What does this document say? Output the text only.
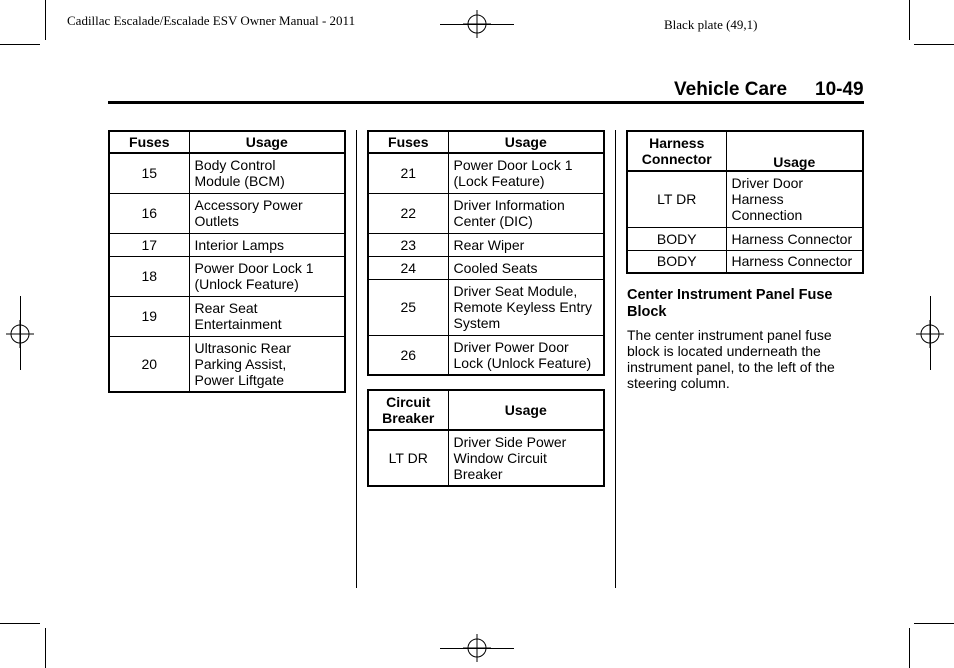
Cadillac Escalade/Escalade ESV Owner Manual - 2011	Black plate (49,1)
Vehicle Care 10-49
Fuses	Usage
15	Body Control
Module (BCM)
16	Accessory Power
Outlets
17	Interior Lamps
18	Power Door Lock 1
(Unlock Feature)
19	Rear Seat
Entertainment
20	Ultrasonic Rear
Parking Assist,
Power Liftgate
Fuses	Usage
21	Power Door Lock 1
(Lock Feature)
22	Driver Information
Center (DIC)
23	Rear Wiper
24	Cooled Seats
25	Driver Seat Module,
Remote Keyless Entry
System
26	Driver Power Door
Lock (Unlock Feature)
Circuit
Breaker	Usage
LT DR	Driver Side Power
Window Circuit
Breaker
Harness
Connector	Usage
LT DR	Driver Door
Harness
Connection
BODY	Harness Connector
BODY	Harness Connector
Center Instrument Panel Fuse
Block
The center instrument panel fuse
block is located underneath the
instrument panel, to the left of the
steering column.
